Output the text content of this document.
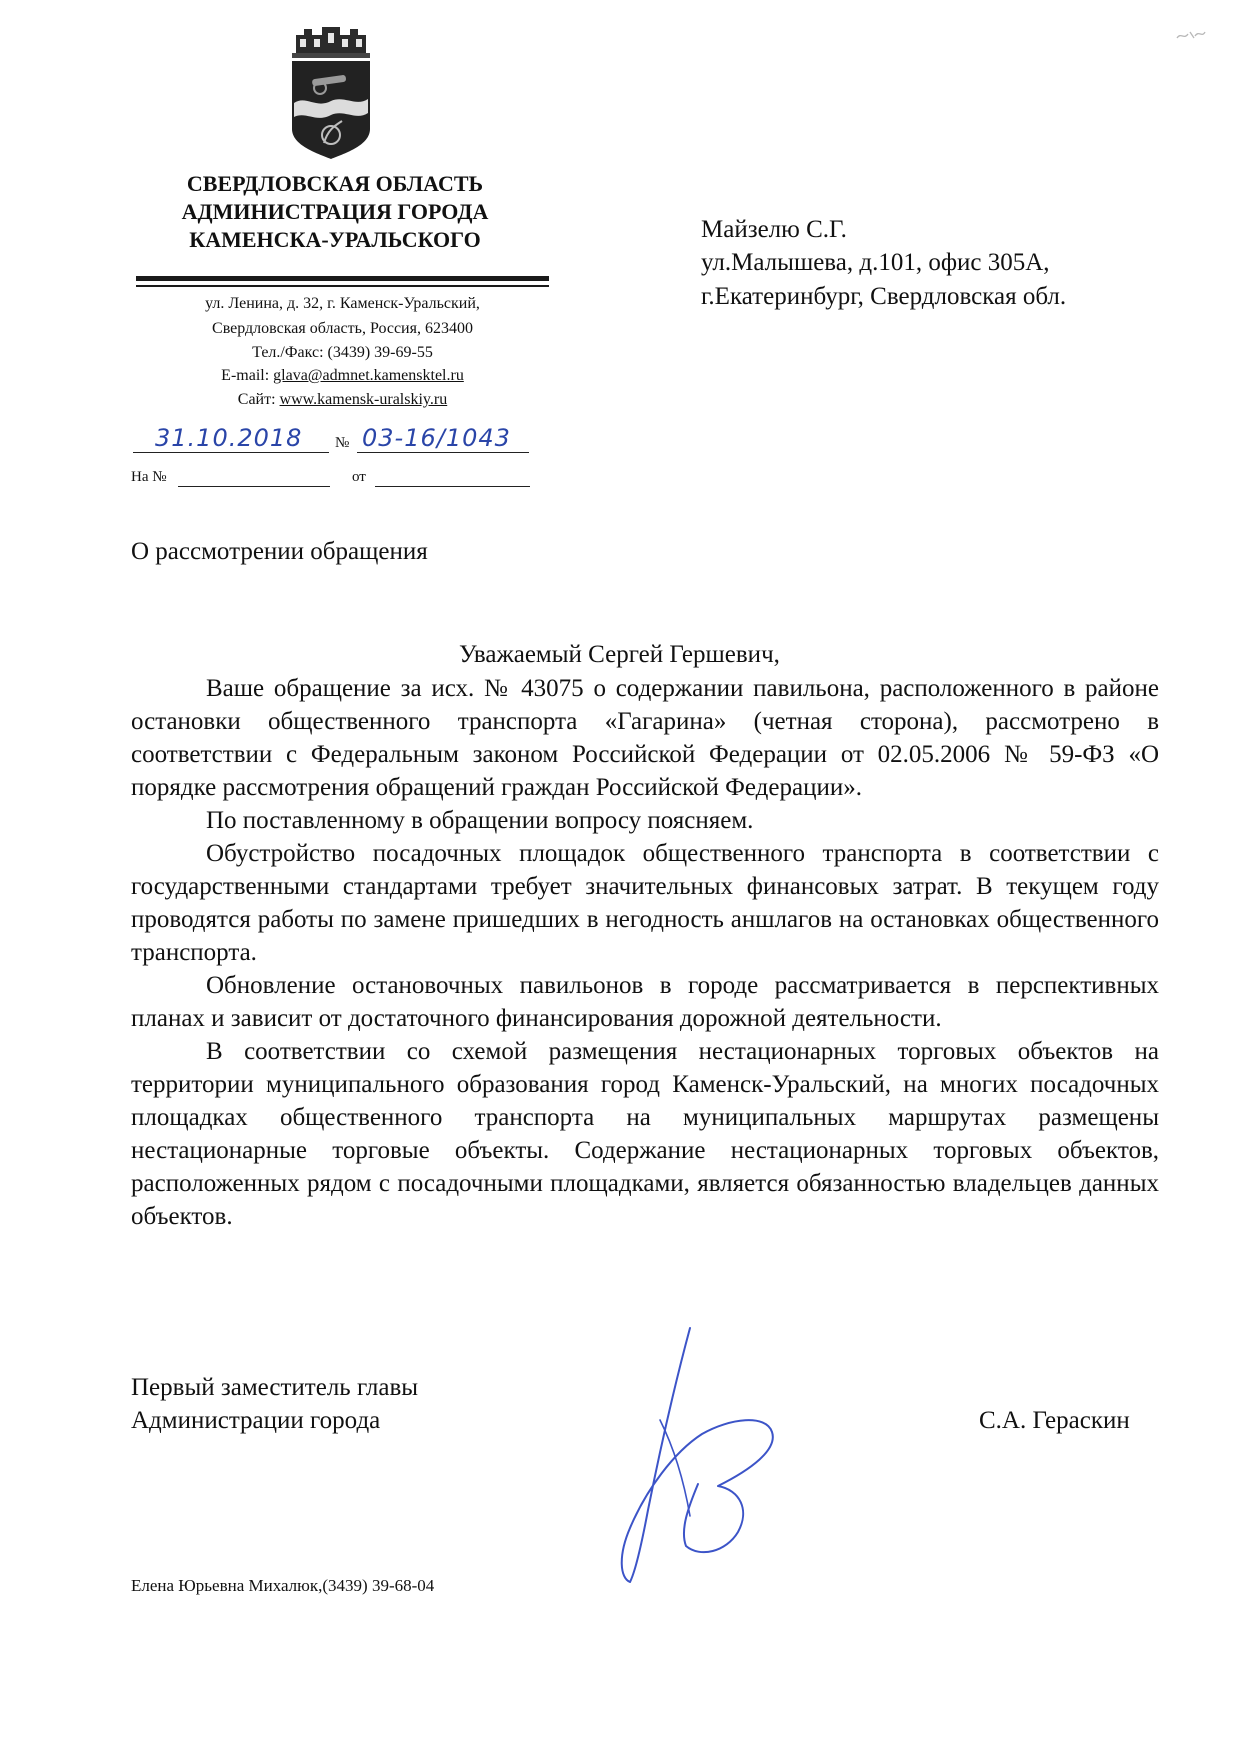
СВЕРДЛОВСКАЯ ОБЛАСТЬ
АДМИНИСТРАЦИЯ ГОРОДА
КАМЕНСКА-УРАЛЬСКОГО
ул. Ленина, д. 32, г. Каменск-Уральский,
Свердловская область, Россия, 623400
Тел./Факс: (3439) 39-69-55
E-mail: glava@admnet.kamensktel.ru
Сайт: www.kamensk-uralskiy.ru
31.10.2018 № 03-16/1043
На №	от
Майзелю С.Г.
ул.Малышева, д.101, офис 305А,
г.Екатеринбург, Свердловская обл.
О рассмотрении обращения
Уважаемый Сергей Гершевич,

Ваше обращение за исх. № 43075 о содержании павильона, расположенного в районе остановки общественного транспорта «Гагарина» (четная сторона), рассмотрено в соответствии с Федеральным законом Российской Федерации от 02.05.2006 № 59-ФЗ «О порядке рассмотрения обращений граждан Российской Федерации».

По поставленному в обращении вопросу поясняем.

Обустройство посадочных площадок общественного транспорта в соответствии с государственными стандартами требует значительных финансовых затрат. В текущем году проводятся работы по замене пришедших в негодность аншлагов на остановках общественного транспорта.

Обновление остановочных павильонов в городе рассматривается в перспективных планах и зависит от достаточного финансирования дорожной деятельности.

В соответствии со схемой размещения нестационарных торговых объектов на территории муниципального образования город Каменск-Уральский, на многих посадочных площадках общественного транспорта на муниципальных маршрутах размещены нестационарные торговые объекты. Содержание нестационарных торговых объектов, расположенных рядом с посадочными площадками, является обязанностью владельцев данных объектов.

Первый заместитель главы
Администрации города	С.А. Гераскин
Елена Юрьевна Михалюк,(3439) 39-68-04
